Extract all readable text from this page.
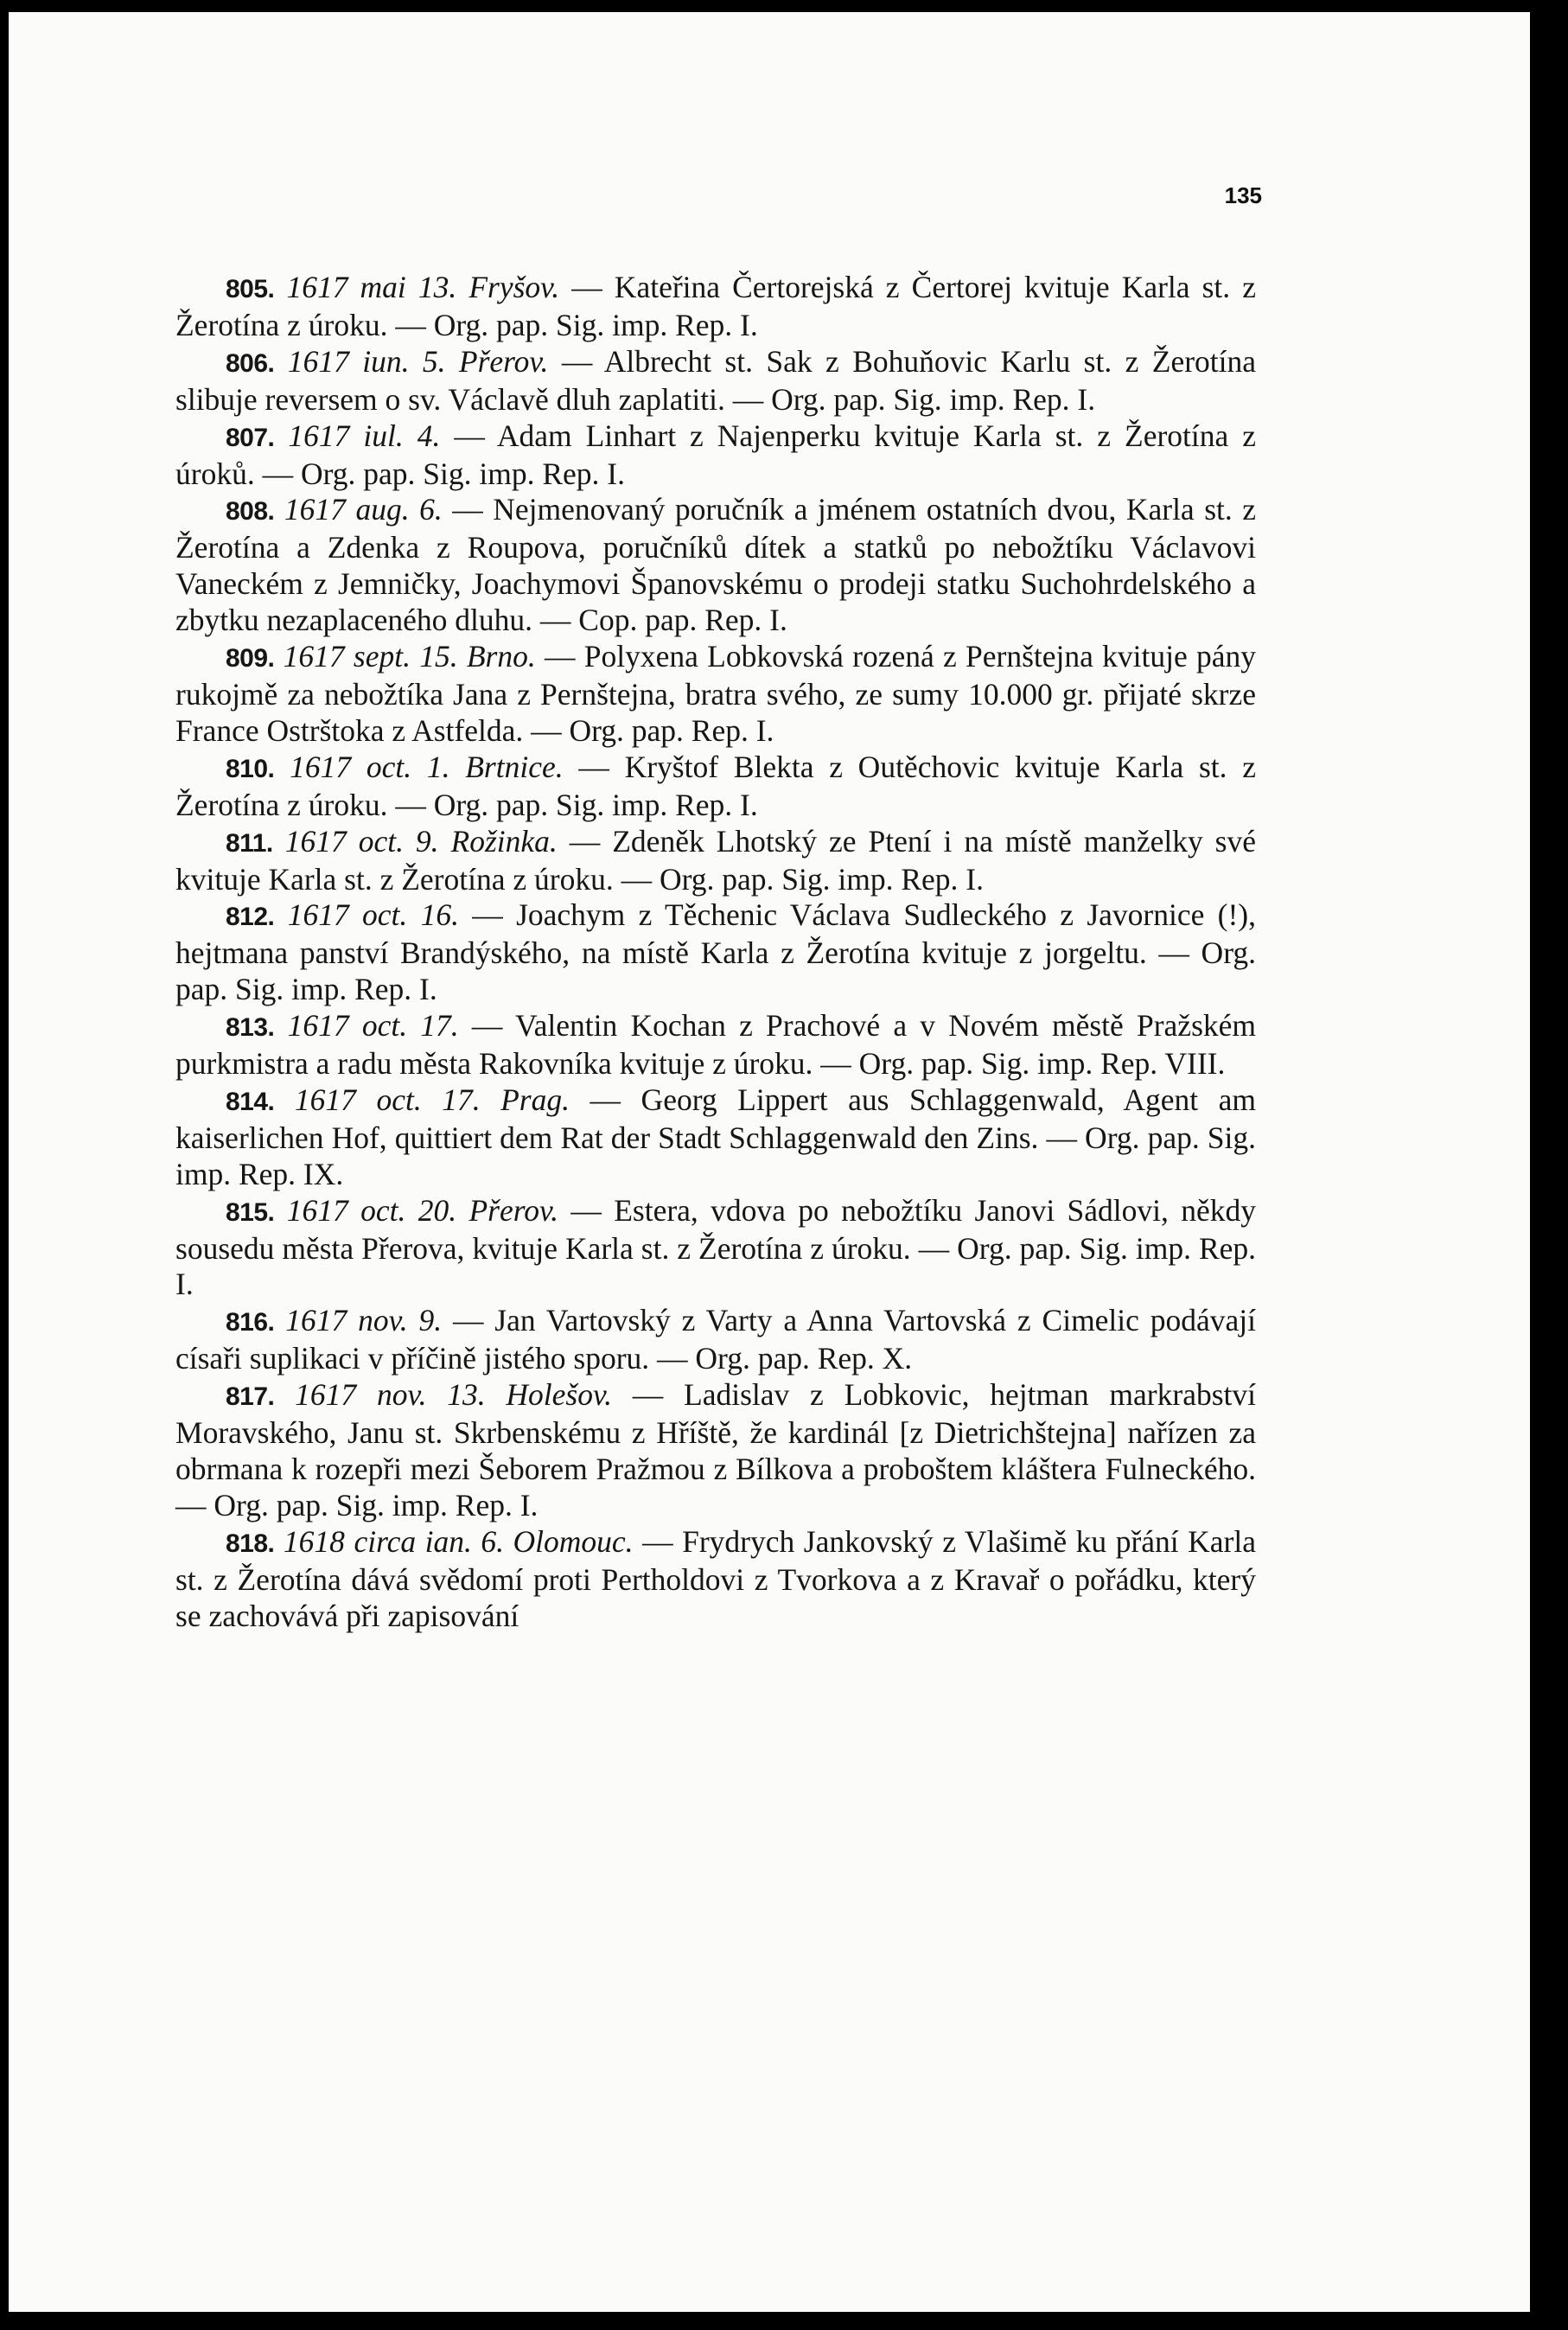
135

805. 1617 mai 13. Fryšov. — Kateřina Čertorejská z Čertorej kvituje Karla st. z Žerotína z úroku. — Org. pap. Sig. imp. Rep. I.

806. 1617 iun. 5. Přerov. — Albrecht st. Sak z Bohuňovic Karlu st. z Žerotína slibuje reversem o sv. Václavě dluh zaplatiti. — Org. pap. Sig. imp. Rep. I.

807. 1617 iul. 4. — Adam Linhart z Najenperku kvituje Karla st. z Žerotína z úroků. — Org. pap. Sig. imp. Rep. I.

808. 1617 aug. 6. — Nejmenovaný poručník a jménem ostatních dvou, Karla st. z Žerotína a Zdenka z Roupova, poručníků dítek a statků po nebožtíku Václavovi Vaneckém z Jemničky, Joachymovi Španovskému o prodeji statku Suchohrdelského a zbytku nezaplaceného dluhu. — Cop. pap. Rep. I.

809. 1617 sept. 15. Brno. — Polyxena Lobkovská rozená z Pernštejna kvituje pány rukojmě za nebožtíka Jana z Pernštejna, bratra svého, ze sumy 10.000 gr. přijaté skrze France Ostrštoka z Astfelda. — Org. pap. Rep. I.

810. 1617 oct. 1. Brtnice. — Kryštof Blekta z Outěchovic kvituje Karla st. z Žerotína z úroku. — Org. pap. Sig. imp. Rep. I.

811. 1617 oct. 9. Rožinka. — Zdeněk Lhotský ze Ptení i na místě manželky své kvituje Karla st. z Žerotína z úroku. — Org. pap. Sig. imp. Rep. I.

812. 1617 oct. 16. — Joachym z Těchenic Václava Sudleckého z Javornice (!), hejtmana panství Brandýského, na místě Karla z Žerotína kvituje z jorgeltu. — Org. pap. Sig. imp. Rep. I.

813. 1617 oct. 17. — Valentin Kochan z Prachové a v Novém městě Pražském purkmistra a radu města Rakovníka kvituje z úroku. — Org. pap. Sig. imp. Rep. VIII.

814. 1617 oct. 17. Prag. — Georg Lippert aus Schlaggenwald, Agent am kaiserlichen Hof, quittiert dem Rat der Stadt Schlaggenwald den Zins. — Org. pap. Sig. imp. Rep. IX.

815. 1617 oct. 20. Přerov. — Estera, vdova po nebožtíku Janovi Sádlovi, někdy sousedu města Přerova, kvituje Karla st. z Žerotína z úroku. — Org. pap. Sig. imp. Rep. I.

816. 1617 nov. 9. — Jan Vartovský z Varty a Anna Vartovská z Cimelic podávají císaři suplikaci v příčině jistého sporu. — Org. pap. Rep. X.

817. 1617 nov. 13. Holešov. — Ladislav z Lobkovic, hejtman markrabství Moravského, Janu st. Skrbenskému z Hříště, že kardinál [z Dietrichštejna] nařízen za obrmana k rozepři mezi Šeborem Pražmou z Bílkova a proboštem kláštera Fulneckého. — Org. pap. Sig. imp. Rep. I.

818. 1618 circa ian. 6. Olomouc. — Frydrych Jankovský z Vlašimě ku přání Karla st. z Žerotína dává svědomí proti Pertholdovi z Tvorkova a z Kravař o pořádku, který se zachovává při zapisování
